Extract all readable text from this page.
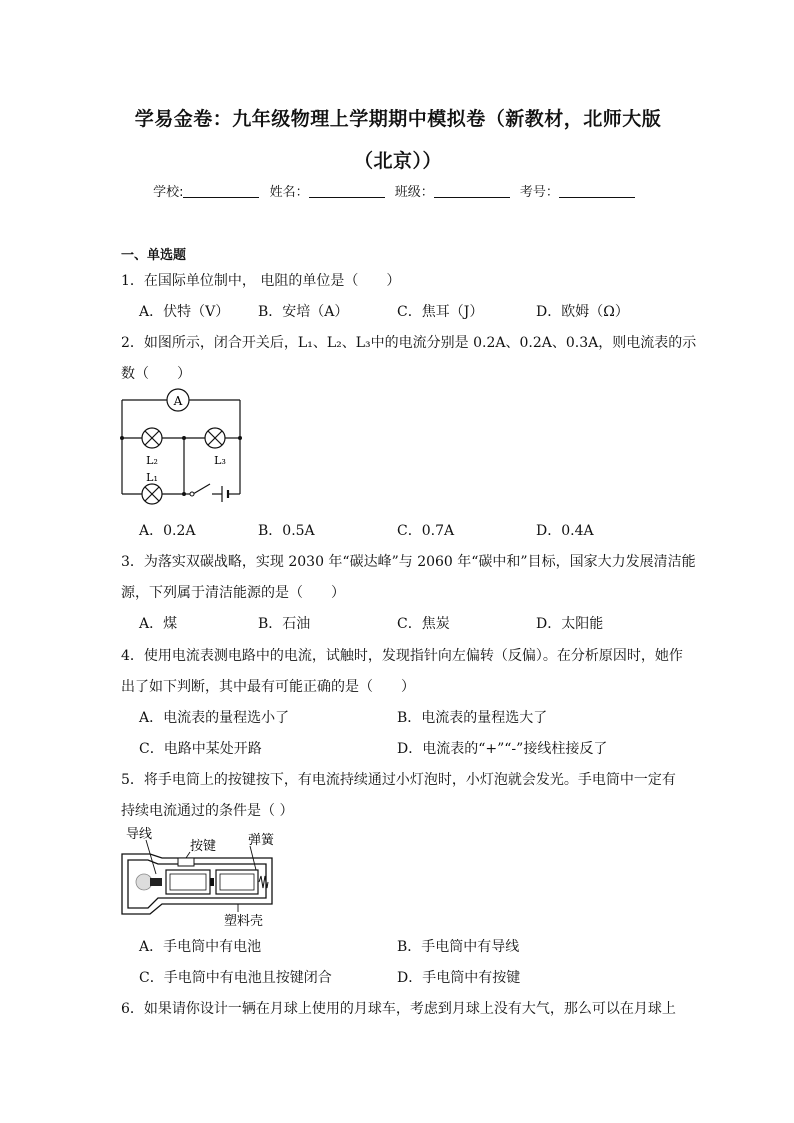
学易金卷：九年级物理上学期期中模拟卷（新教材，北师大版
（北京））
学校:	姓名：	班级：	考号：
一、单选题
1．在国际单位制中， 电阻的单位是（　　）
A．伏特（V） B．安培（A）	C．焦耳（J）	D．欧姆（Ω）
2．如图所示，闭合开关后，L₁、L₂、L₃中的电流分别是 0.2A、0.2A、0.3A，则电流表的示
数（　　）
A
L₂	L₃
L₁
A．0.2A	B．0.5A	C．0.7A	D．0.4A
3．为落实双碳战略，实现 2030 年“碳达峰”与 2060 年“碳中和”目标，国家大力发展清洁能
源，下列属于清洁能源的是（　　）
A．煤	B．石油	C．焦炭	D．太阳能
4．使用电流表测电路中的电流，试触时，发现指针向左偏转（反偏）。在分析原因时，她作
出了如下判断，其中最有可能正确的是（　　）
A．电流表的量程选小了	B．电流表的量程选大了
C．电路中某处开路	D．电流表的“+”“-”接线柱接反了
5．将手电筒上的按键按下，有电流持续通过小灯泡时，小灯泡就会发光。手电筒中一定有
持续电流通过的条件是（ ）
导线
按键 弹簧
塑料壳
A．手电筒中有电池	B．手电筒中有导线
C．手电筒中有电池且按键闭合	D．手电筒中有按键
6．如果请你设计一辆在月球上使用的月球车，考虑到月球上没有大气，那么可以在月球上
